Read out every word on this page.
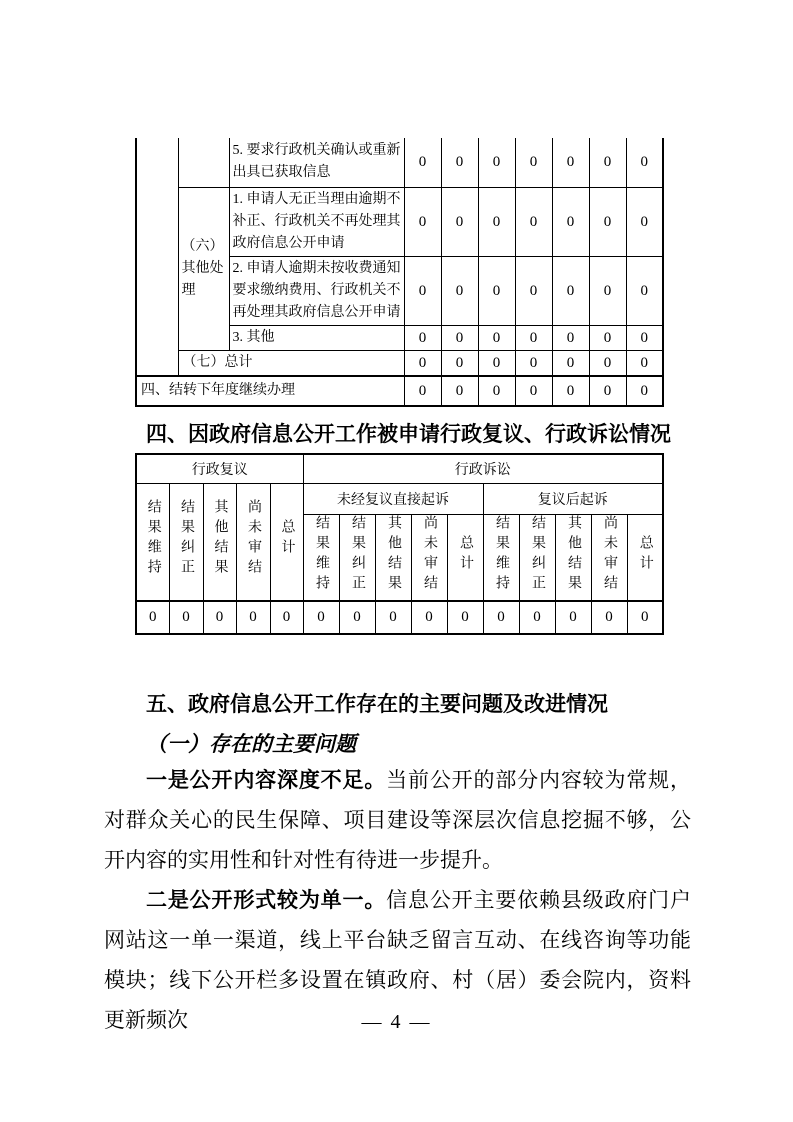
		5. 要求行政机关确认或重新出具已获取信息	0	0	0	0	0	0	0
	（六）其他处理	1. 申请人无正当理由逾期不补正、行政机关不再处理其政府信息公开申请	0	0	0	0	0	0	0
		2. 申请人逾期未按收费通知要求缴纳费用、行政机关不再处理其政府信息公开申请	0	0	0	0	0	0	0
		3. 其他	0	0	0	0	0	0	0
	（七）总计		0	0	0	0	0	0	0
四、结转下年度继续办理			0	0	0	0	0	0	0
四、因政府信息公开工作被申请行政复议、行政诉讼情况
行政复议					行政诉讼									
结果维持	结果纠正	其他结果	尚未审结	总计	未经复议直接起诉					复议后起诉				
					结果维持	结果纠正	其他结果	尚未审结	总计	结果维持	结果纠正	其他结果	尚未审结	总计
0	0	0	0	0	0	0	0	0	0	0	0	0	0	0
五、政府信息公开工作存在的主要问题及改进情况
（一）存在的主要问题

一是公开内容深度不足。当前公开的部分内容较为常规，对群众关心的民生保障、项目建设等深层次信息挖掘不够，公开内容的实用性和针对性有待进一步提升。

二是公开形式较为单一。信息公开主要依赖县级政府门户网站这一单一渠道，线上平台缺乏留言互动、在线咨询等功能模块；线下公开栏多设置在镇政府、村（居）委会院内，资料更新频次	— 4 —
